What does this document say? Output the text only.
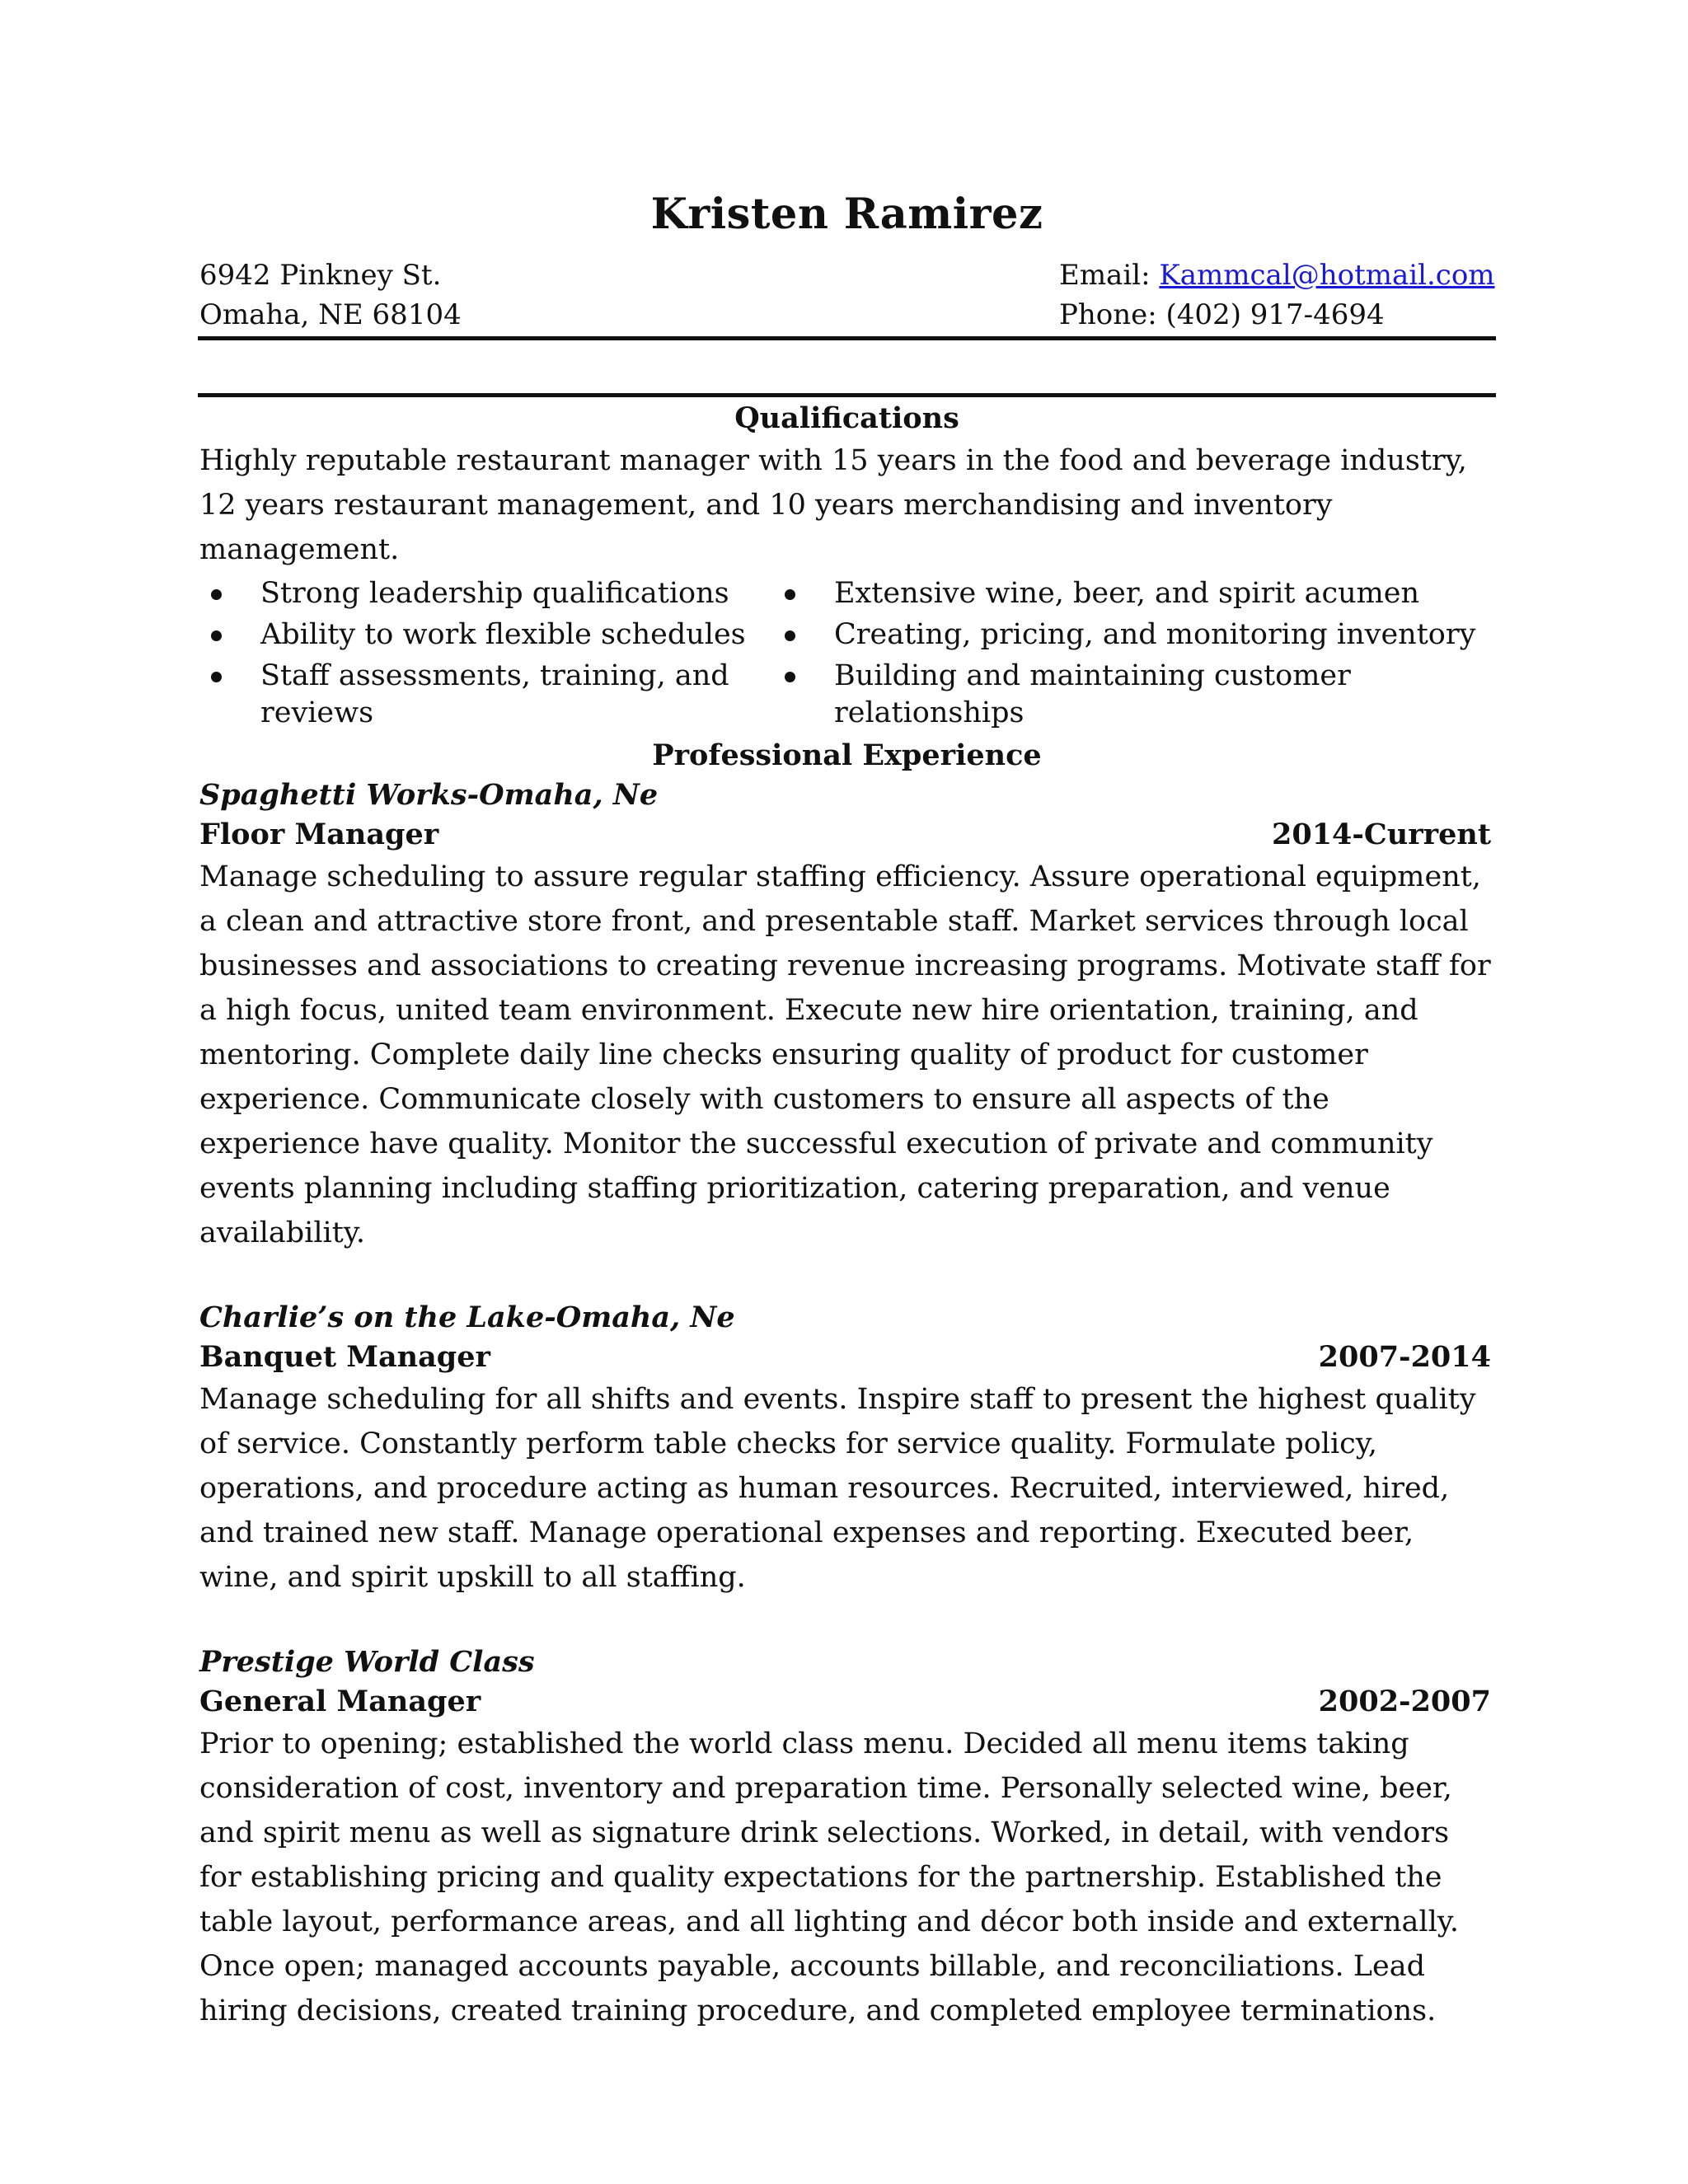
Kristen Ramirez
6942 Pinkney St.
Omaha, NE 68104
Email: Kammcal@hotmail.com
Phone: (402) 917-4694
Qualifications

Highly reputable restaurant manager with 15 years in the food and beverage industry, 12 years restaurant management, and 10 years merchandising and inventory management.

Strong leadership qualifications
Ability to work flexible schedules
Staff assessments, training, and reviews
Extensive wine, beer, and spirit acumen
Creating, pricing, and monitoring inventory
Building and maintaining customer relationships
Professional Experience

Spaghetti Works-Omaha, Ne

Floor Manager	2014-Current

Manage scheduling to assure regular staffing efficiency. Assure operational equipment, a clean and attractive store front, and presentable staff. Market services through local businesses and associations to creating revenue increasing programs. Motivate staff for a high focus, united team environment. Execute new hire orientation, training, and mentoring. Complete daily line checks ensuring quality of product for customer experience. Communicate closely with customers to ensure all aspects of the experience have quality. Monitor the successful execution of private and community events planning including staffing prioritization, catering preparation, and venue availability.

Charlie’s on the Lake-Omaha, Ne

Banquet Manager	2007-2014

Manage scheduling for all shifts and events. Inspire staff to present the highest quality of service. Constantly perform table checks for service quality. Formulate policy, operations, and procedure acting as human resources. Recruited, interviewed, hired, and trained new staff. Manage operational expenses and reporting. Executed beer, wine, and spirit upskill to all staffing.

Prestige World Class

General Manager	2002-2007

Prior to opening; established the world class menu. Decided all menu items taking consideration of cost, inventory and preparation time. Personally selected wine, beer, and spirit menu as well as signature drink selections. Worked, in detail, with vendors for establishing pricing and quality expectations for the partnership. Established the table layout, performance areas, and all lighting and décor both inside and externally. Once open; managed accounts payable, accounts billable, and reconciliations. Lead hiring decisions, created training procedure, and completed employee terminations.
